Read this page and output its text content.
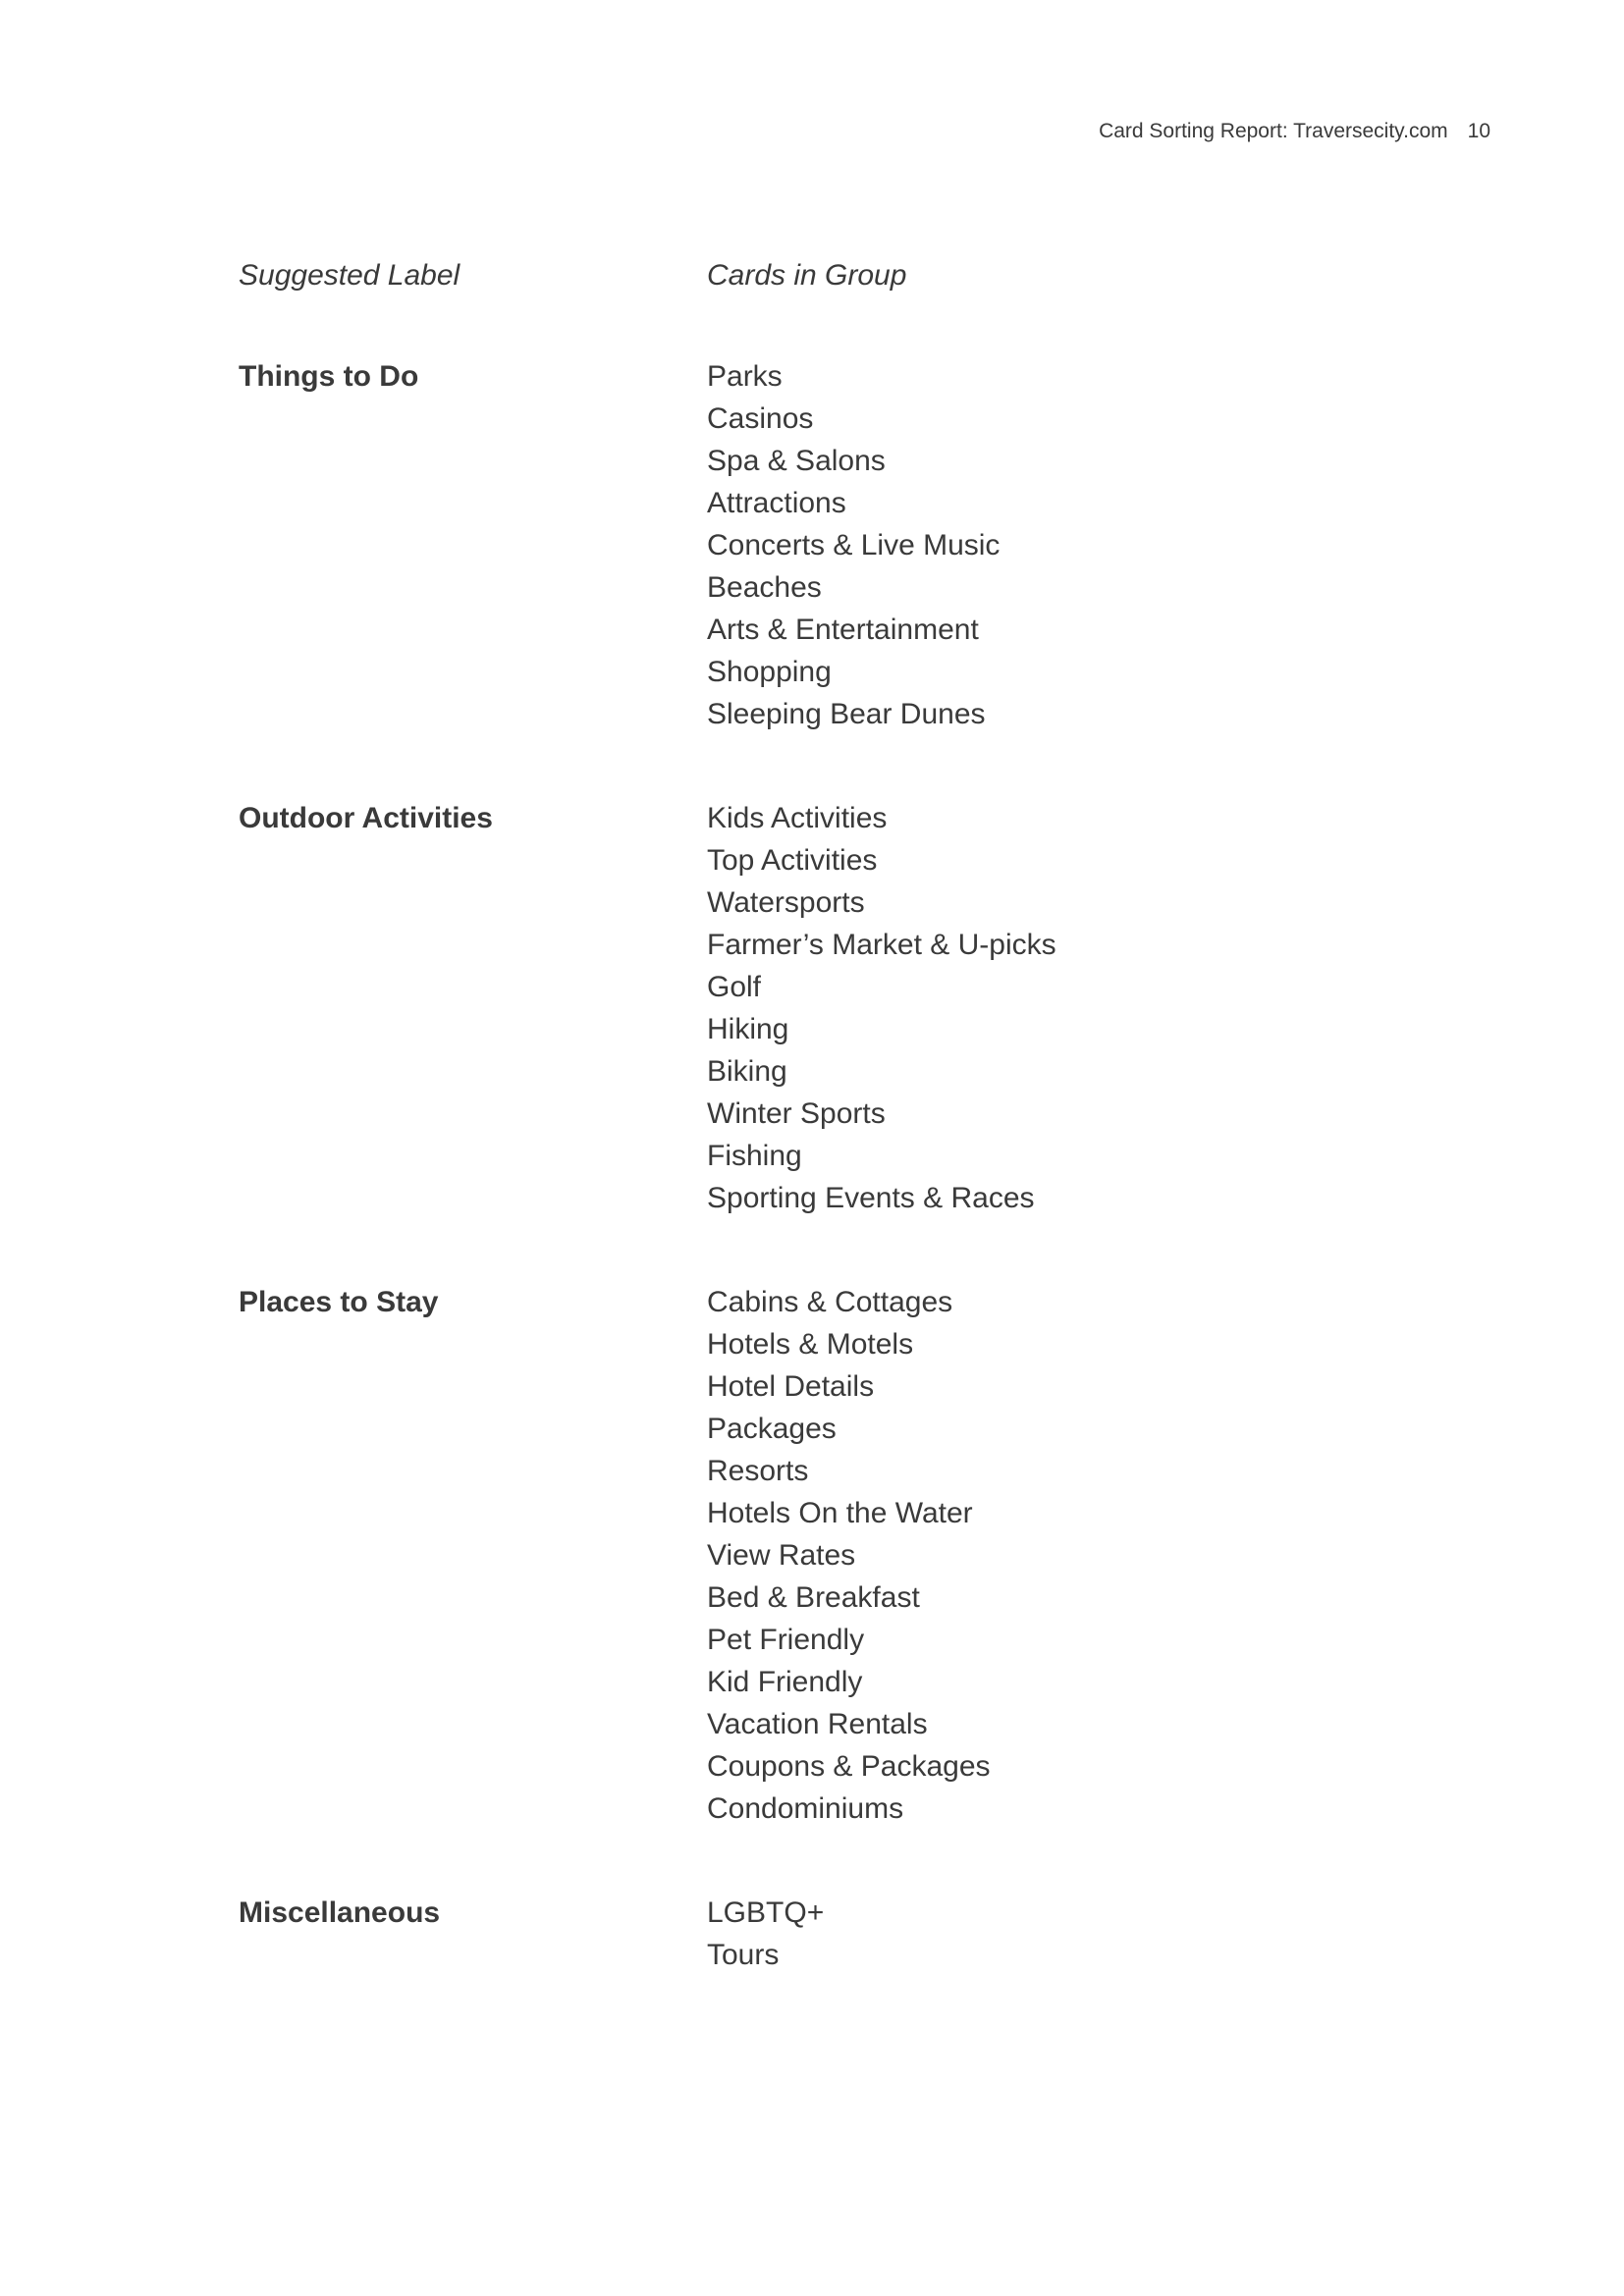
Card Sorting Report: Traversecity.com 10
Suggested Label	Cards in Group
Things to Do	Parks
Casinos
Spa & Salons
Attractions
Concerts & Live Music
Beaches
Arts & Entertainment
Shopping
Sleeping Bear Dunes
Outdoor Activities	Kids Activities
Top Activities
Watersports
Farmer’s Market & U-picks
Golf
Hiking
Biking
Winter Sports
Fishing
Sporting Events & Races
Places to Stay	Cabins & Cottages
Hotels & Motels
Hotel Details
Packages
Resorts
Hotels On the Water
View Rates
Bed & Breakfast
Pet Friendly
Kid Friendly
Vacation Rentals
Coupons & Packages
Condominiums
Miscellaneous	LGBTQ+
Tours
